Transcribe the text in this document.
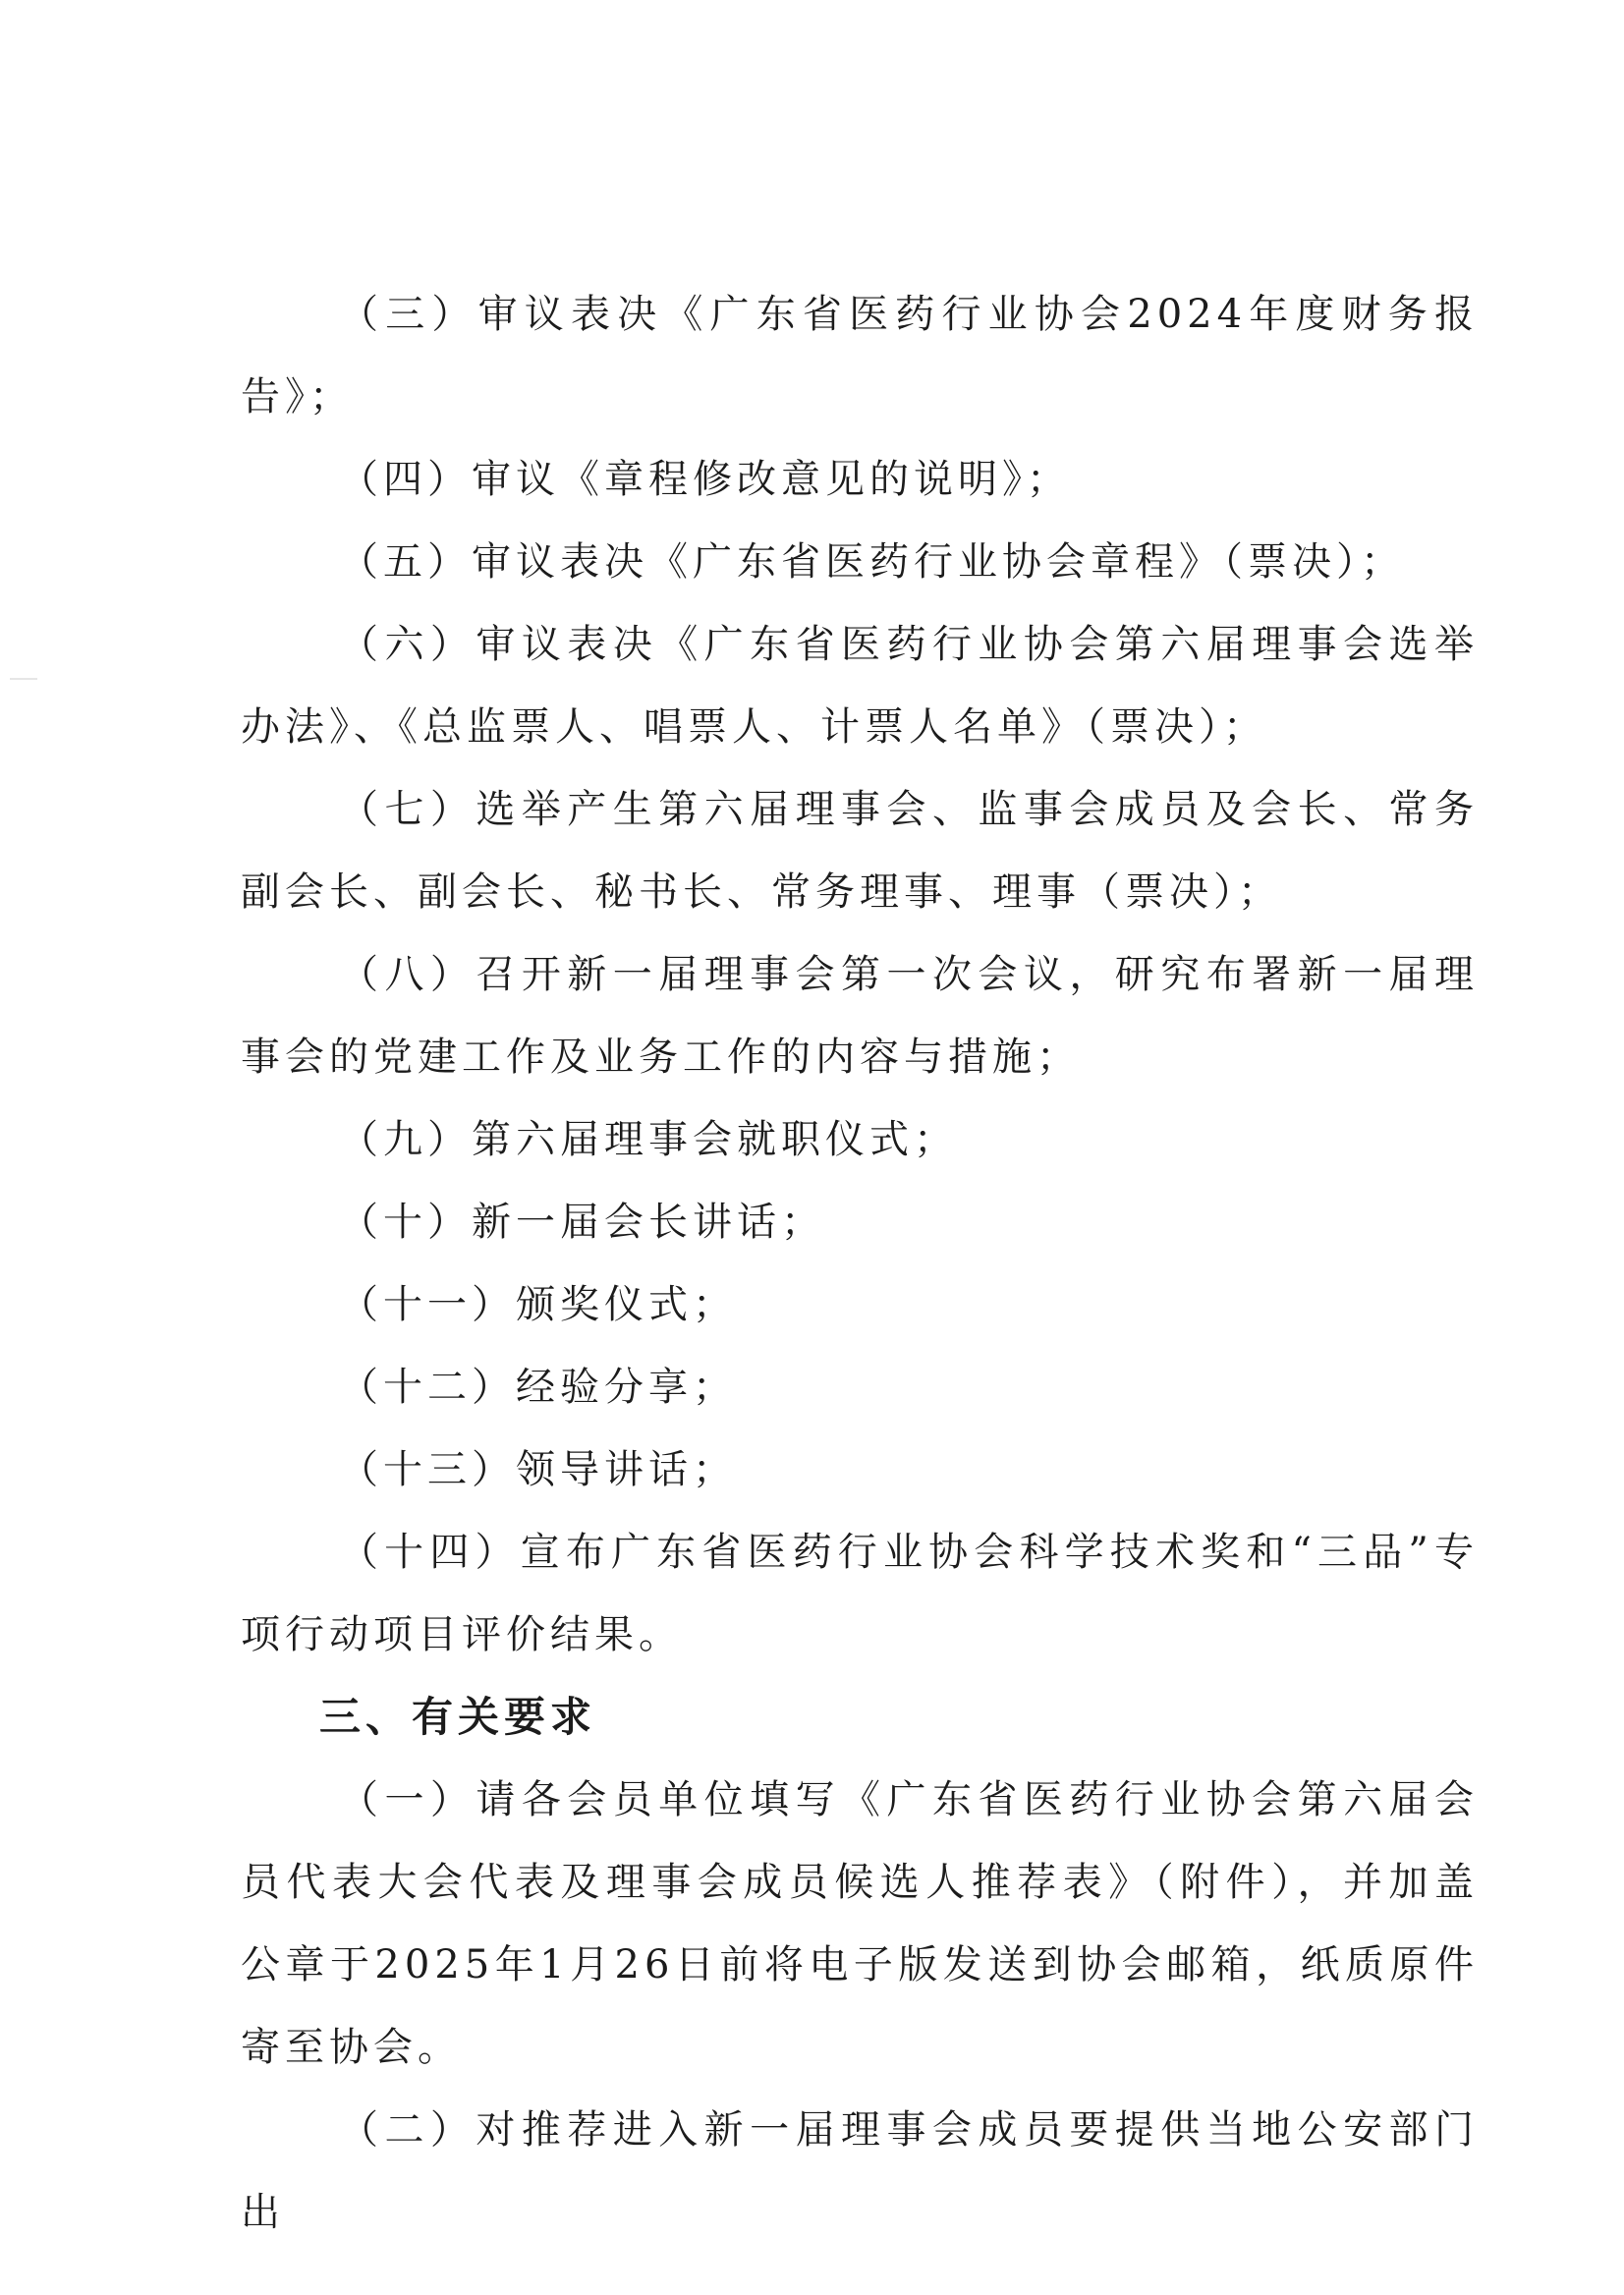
（三）审议表决《广东省医药行业协会2024年度财务报告》；

（四）审议《章程修改意见的说明》；

（五）审议表决《广东省医药行业协会章程》（票决）；

（六）审议表决《广东省医药行业协会第六届理事会选举办法》、《总监票人、唱票人、计票人名单》（票决）；

（七）选举产生第六届理事会、监事会成员及会长、常务副会长、副会长、秘书长、常务理事、理事（票决）；

（八）召开新一届理事会第一次会议，研究布署新一届理事会的党建工作及业务工作的内容与措施；

（九）第六届理事会就职仪式；

（十）新一届会长讲话；

（十一）颁奖仪式；

（十二）经验分享；

（十三）领导讲话；

（十四）宣布广东省医药行业协会科学技术奖和“三品”专项行动项目评价结果。

三、有关要求

（一）请各会员单位填写《广东省医药行业协会第六届会员代表大会代表及理事会成员候选人推荐表》（附件），并加盖公章于2025年1月26日前将电子版发送到协会邮箱，纸质原件寄至协会。

（二）对推荐进入新一届理事会成员要提供当地公安部门出
